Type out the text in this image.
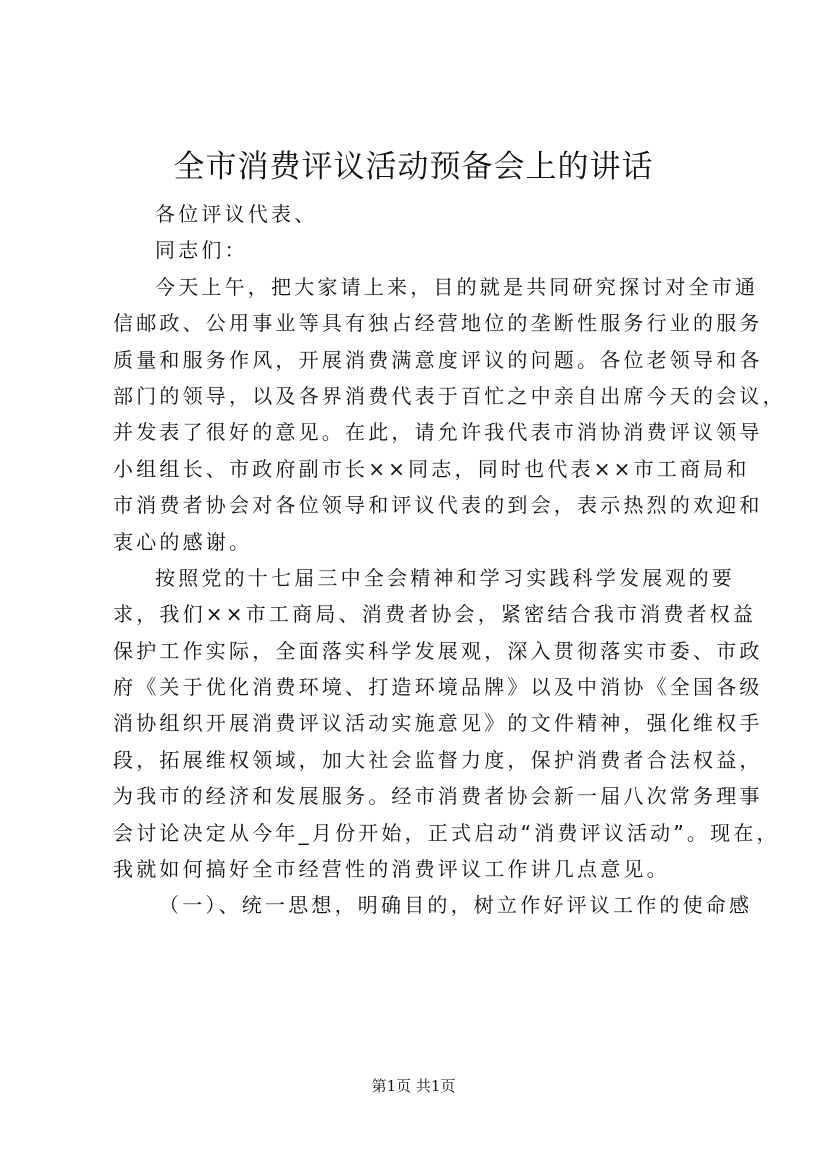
全市消费评议活动预备会上的讲话
各位评议代表、
同志们：
今天上午，把大家请上来，目的就是共同研究探讨对全市通
信邮政、公用事业等具有独占经营地位的垄断性服务行业的服务
质量和服务作风，开展消费满意度评议的问题。各位老领导和各
部门的领导，以及各界消费代表于百忙之中亲自出席今天的会议，
并发表了很好的意见。在此，请允许我代表市消协消费评议领导
小组组长、市政府副市长××同志，同时也代表××市工商局和
市消费者协会对各位领导和评议代表的到会，表示热烈的欢迎和
衷心的感谢。
按照党的十七届三中全会精神和学习实践科学发展观的要
求，我们××市工商局、消费者协会，紧密结合我市消费者权益
保护工作实际，全面落实科学发展观，深入贯彻落实市委、市政
府《关于优化消费环境、打造环境品牌》以及中消协《全国各级
消协组织开展消费评议活动实施意见》的文件精神，强化维权手
段，拓展维权领域，加大社会监督力度，保护消费者合法权益，
为我市的经济和发展服务。经市消费者协会新一届八次常务理事
会讨论决定从今年_月份开始，正式启动“消费评议活动”。现在，
我就如何搞好全市经营性的消费评议工作讲几点意见。
（一）、统一思想，明确目的，树立作好评议工作的使命感
第1页 共1页
